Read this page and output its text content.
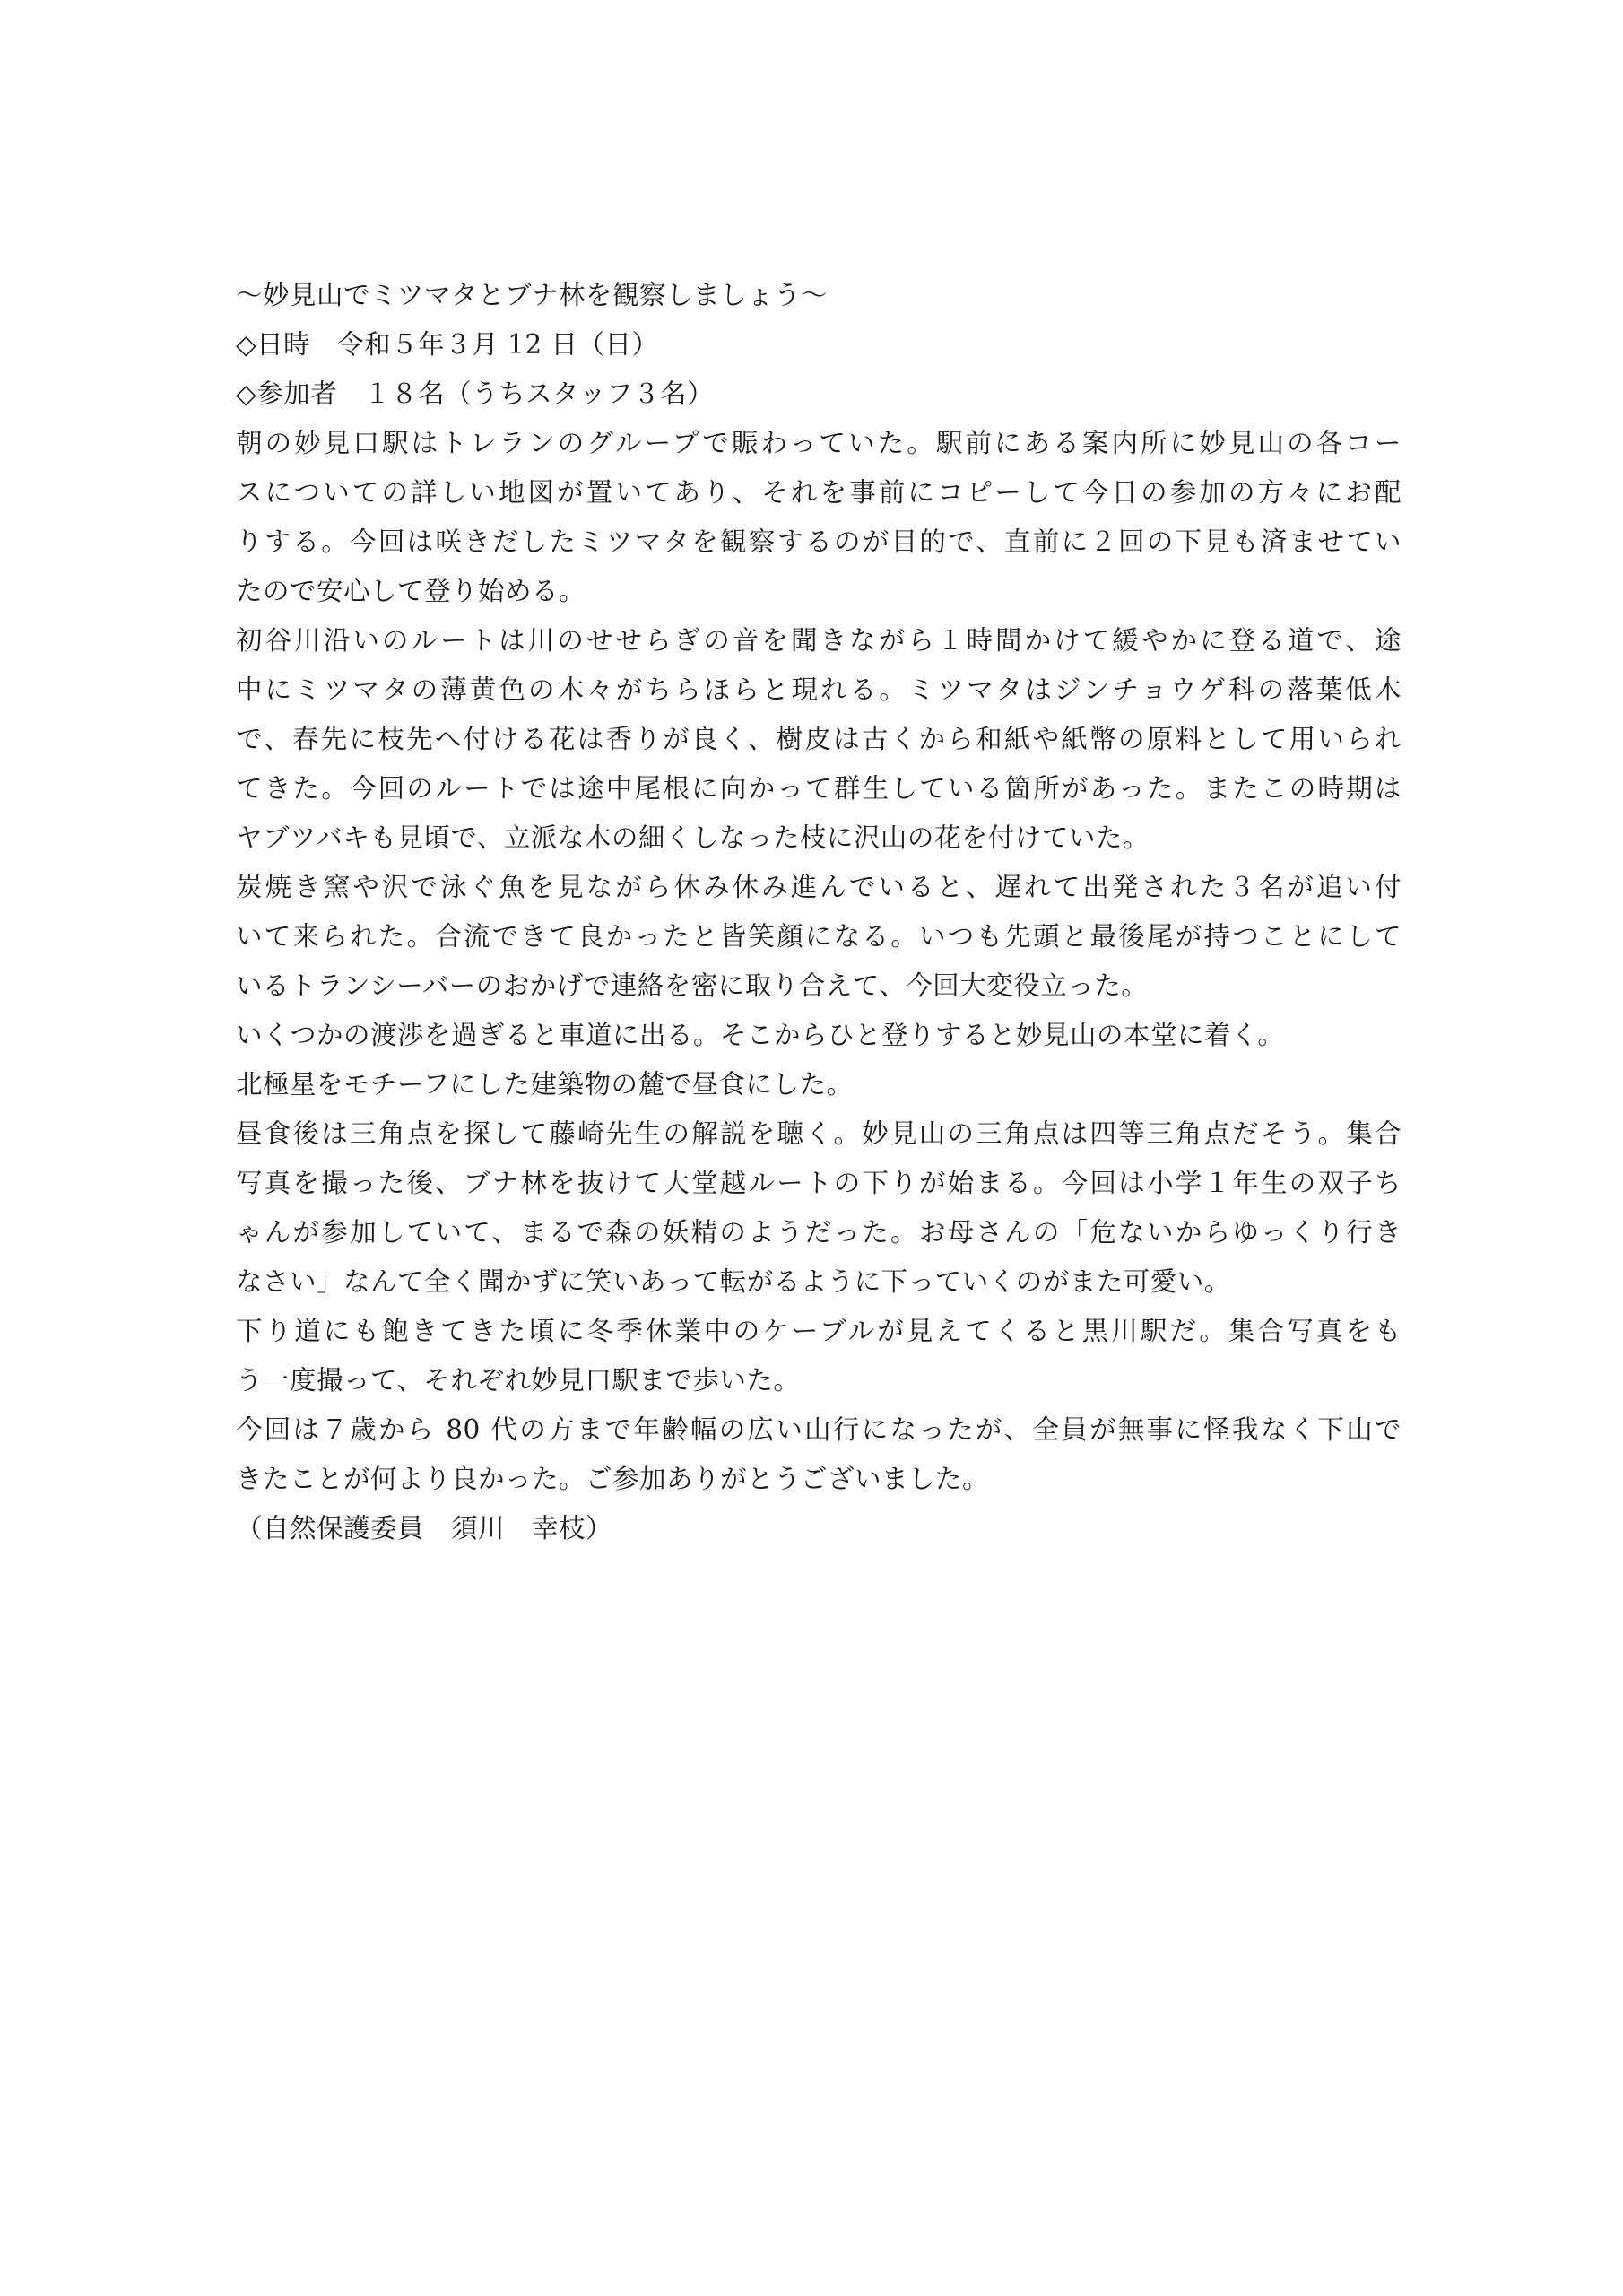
〜妙見山でミツマタとブナ林を観察しましょう〜
◇日時　令和５年３月 12 日（日）
◇参加者　１８名（うちスタッフ３名）
朝の妙見口駅はトレランのグループで賑わっていた。駅前にある案内所に妙見山の各コー
スについての詳しい地図が置いてあり、それを事前にコピーして今日の参加の方々にお配
りする。今回は咲きだしたミツマタを観察するのが目的で、直前に２回の下見も済ませてい
たので安心して登り始める。
初谷川沿いのルートは川のせせらぎの音を聞きながら１時間かけて緩やかに登る道で、途
中にミツマタの薄黄色の木々がちらほらと現れる。ミツマタはジンチョウゲ科の落葉低木
で、春先に枝先へ付ける花は香りが良く、樹皮は古くから和紙や紙幣の原料として用いられ
てきた。今回のルートでは途中尾根に向かって群生している箇所があった。またこの時期は
ヤブツバキも見頃で、立派な木の細くしなった枝に沢山の花を付けていた。
炭焼き窯や沢で泳ぐ魚を見ながら休み休み進んでいると、遅れて出発された３名が追い付
いて来られた。合流できて良かったと皆笑顔になる。いつも先頭と最後尾が持つことにして
いるトランシーバーのおかげで連絡を密に取り合えて、今回大変役立った。
いくつかの渡渉を過ぎると車道に出る。そこからひと登りすると妙見山の本堂に着く。
北極星をモチーフにした建築物の麓で昼食にした。
昼食後は三角点を探して藤崎先生の解説を聴く。妙見山の三角点は四等三角点だそう。集合
写真を撮った後、ブナ林を抜けて大堂越ルートの下りが始まる。今回は小学１年生の双子ち
ゃんが参加していて、まるで森の妖精のようだった。お母さんの「危ないからゆっくり行き
なさい」なんて全く聞かずに笑いあって転がるように下っていくのがまた可愛い。
下り道にも飽きてきた頃に冬季休業中のケーブルが見えてくると黒川駅だ。集合写真をも
う一度撮って、それぞれ妙見口駅まで歩いた。
今回は７歳から 80 代の方まで年齢幅の広い山行になったが、全員が無事に怪我なく下山で
きたことが何より良かった。ご参加ありがとうございました。
（自然保護委員　須川　幸枝）
